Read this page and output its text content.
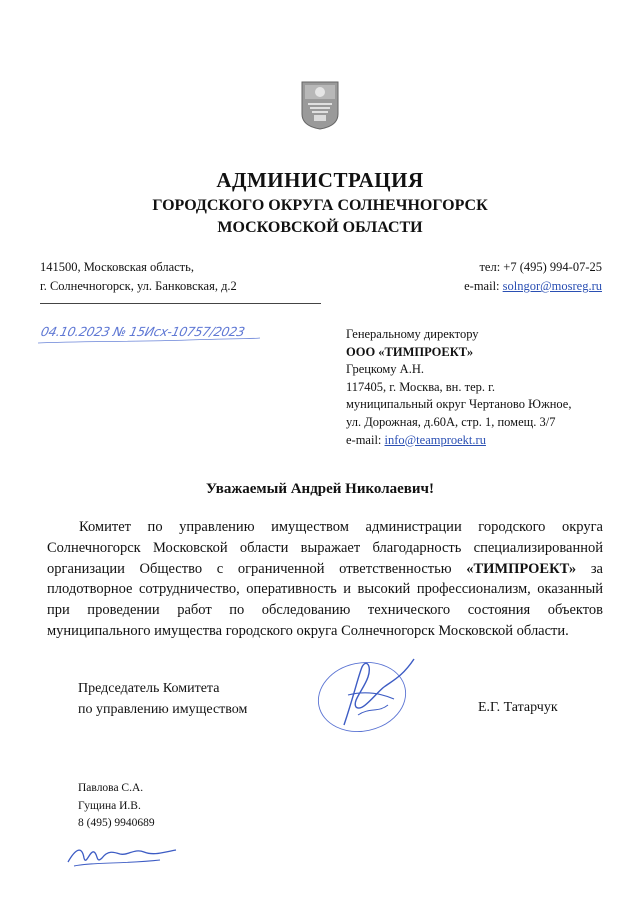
АДМИНИСТРАЦИЯ
ГОРОДСКОГО ОКРУГА СОЛНЕЧНОГОРСК
МОСКОВСКОЙ ОБЛАСТИ
141500, Московская область,
г. Солнечногорск, ул. Банковская, д.2
тел: +7 (495) 994-07-25
e-mail: solngor@mosreg.ru
04.10.2023 № 15Исх-10757/2023	Генеральному директору
ООО «ТИМПРОЕКТ»
Грецкому А.Н.
117405, г. Москва, вн. тер. г.
муниципальный округ Чертаново Южное,
ул. Дорожная, д.60А, стр. 1, помещ. 3/7
e-mail: info@teamproekt.ru
Уважаемый Андрей Николаевич!
Комитет по управлению имуществом администрации городского округа Солнечногорск Московской области выражает благодарность специализированной организации Общество с ограниченной ответственностью «ТИМПРОЕКТ» за плодотворное сотрудничество, оперативность и высокий профессионализм, оказанный при проведении работ по обследованию технического состояния объектов муниципального имущества городского округа Солнечногорск Московской области.
Председатель Комитета
по управлению имуществом	Е.Г. Татарчук
Павлова С.А.
Гущина И.В.
8 (495) 9940689
